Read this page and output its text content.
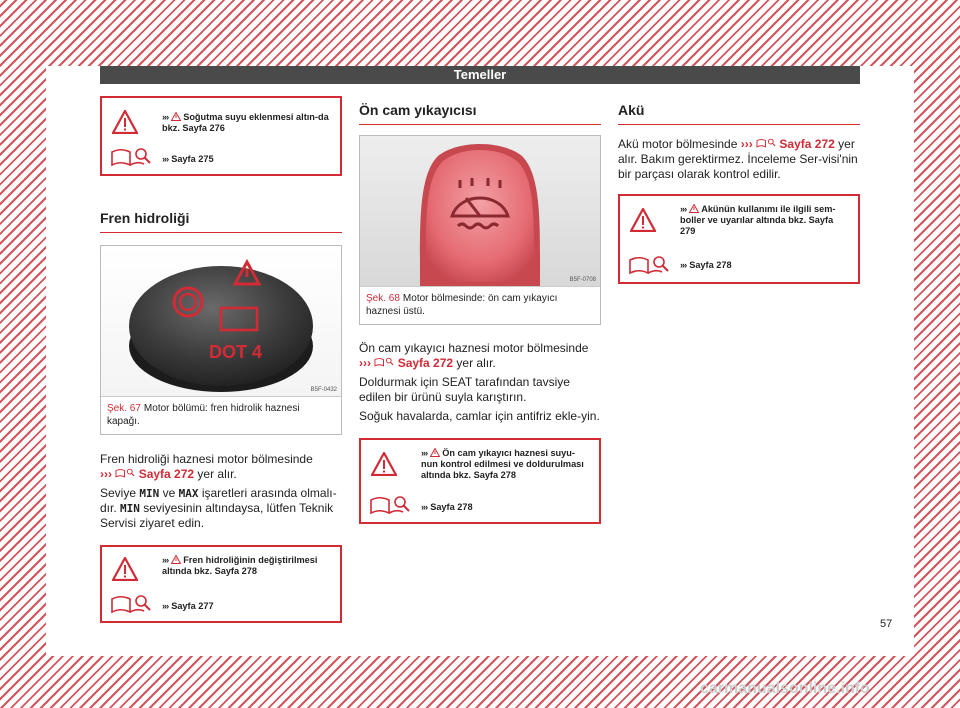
Temeller
››› Soğutma suyu eklenmesi altın-da bkz. Sayfa 276
››› Sayfa 275
Fren hidroliği
DOT 4
B5F-0432
Şek. 67 Motor bölümü: fren hidrolik haznesi kapağı.

Fren hidroliği haznesi motor bölmesinde
››› Sayfa 272 yer alır.

Seviye MIN ve MAX işaretleri arasında olmalı-dır. MIN seviyesinin altındaysa, lütfen Teknik Servisi ziyaret edin.

››› Fren hidroliğinin değiştirilmesi altında bkz. Sayfa 278
››› Sayfa 277
Ön cam yıkayıcısı
B5F-0708
Şek. 68 Motor bölmesinde: ön cam yıkayıcı haznesi üstü.

Ön cam yıkayıcı haznesi motor bölmesinde
››› Sayfa 272 yer alır.

Doldurmak için SEAT tarafından tavsiye edilen bir ürünü suyla karıştırın.

Soğuk havalarda, camlar için antifriz ekle-yin.

››› Ön cam yıkayıcı haznesi suyu-nun kontrol edilmesi ve doldurulması altında bkz. Sayfa 278
››› Sayfa 278
Akü

Akü motor bölmesinde ››› Sayfa 272 yer alır. Bakım gerektirmez. İnceleme Ser-visi'nin bir parçası olarak kontrol edilir.

››› Akünün kullanımı ile ilgili sem-boller ve uyarılar altında bkz. Sayfa 279
››› Sayfa 278
57
carmanualsonline.info
